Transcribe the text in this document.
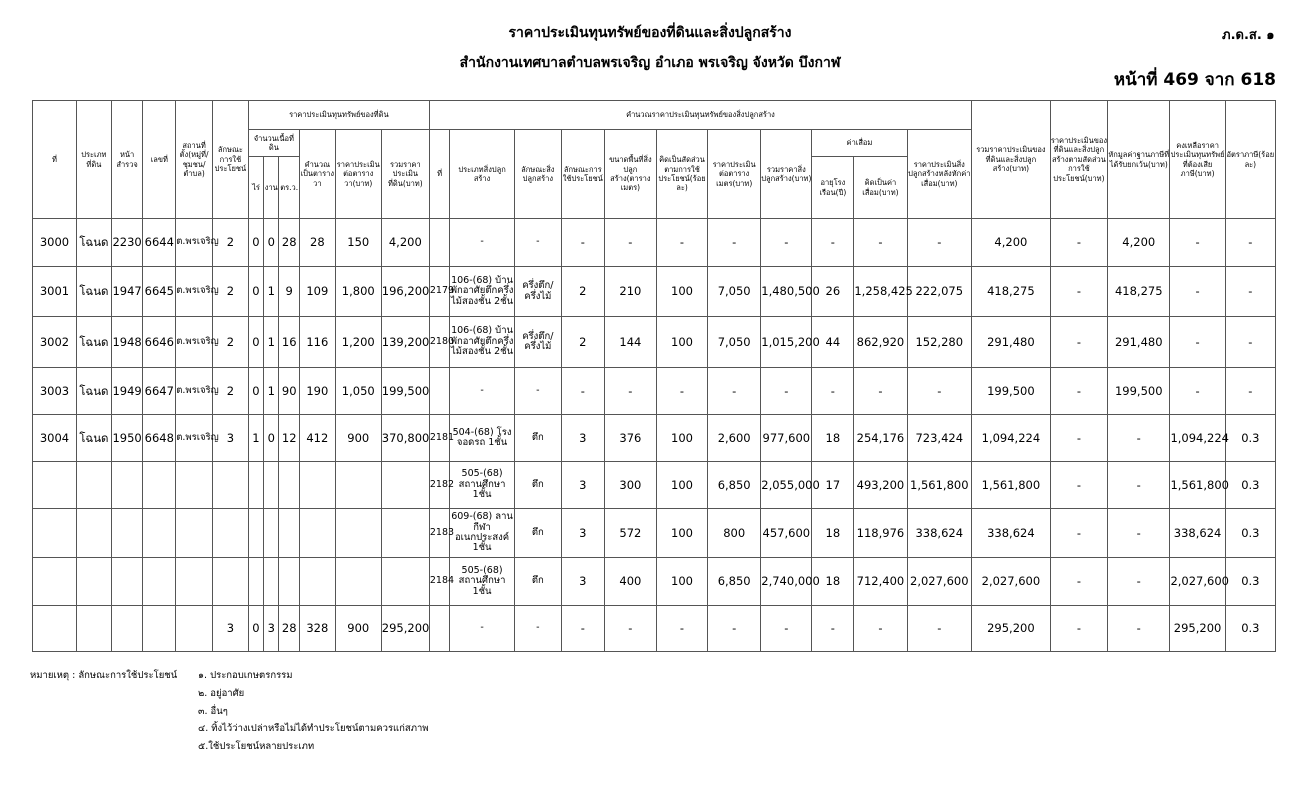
ราคาประเมินทุนทรัพย์ของที่ดินและสิ่งปลูกสร้าง
สำนักงานเทศบาลตำบลพรเจริญ อำเภอ พรเจริญ จังหวัด บึงกาฬ
ภ.ด.ส. ๑
หน้าที่ 469 จาก 618
ที่	ประเภทที่ดิน	หน้าสำรวจ	เลขที่	สถานที่ตั้ง(หมู่ที่/ชุมชน/ตำบล)	ลักษณะการใช้ประโยชน์	ราคาประเมินทุนทรัพย์ของที่ดิน						คำนวณราคาประเมินทุนทรัพย์ของสิ่งปลูกสร้าง											รวมราคาประเมินของที่ดินและสิ่งปลูกสร้าง(บาท)	ราคาประเมินของที่ดินและสิ่งปลูกสร้างตามสัดส่วนการใช้ประโยชน์(บาท)	หักมูลค่าฐานภาษีที่ได้รับยกเว้น(บาท)	คงเหลือราคาประเมินทุนทรัพย์ที่ต้องเสียภาษี(บาท)	อัตราภาษี(ร้อยละ)
						จำนวนเนื้อที่ดิน			คำนวณเป็นตารางวา	ราคาประเมินต่อตารางวา(บาท)	รวมราคาประเมินที่ดิน(บาท)	ที่	ประเภทสิ่งปลูกสร้าง	ลักษณะสิ่งปลูกสร้าง	ลักษณะการใช้ประโยชน์	ขนาดพื้นที่สิ่งปลูกสร้าง(ตารางเมตร)	คิดเป็นสัดส่วนตามการใช้ประโยชน์(ร้อยละ)	ราคาประเมินต่อตารางเมตร(บาท)	รวมราคาสิ่งปลูกสร้าง(บาท)	ค่าเสื่อม		ราคาประเมินสิ่งปลูกสร้างหลังหักค่าเสื่อม(บาท)					
						ไร่	งาน	ตร.ว.												อายุโรงเรือน(ปี)	คิดเป็นค่าเสื่อม(บาท)						
3000	โฉนด	2230	6644	ต.พรเจริญ	2	0	0	28	28	150	4,200		-	-	-	-	-	-	-	-	-	-	4,200	-	4,200	-	-
3001	โฉนด	1947	6645	ต.พรเจริญ	2	0	1	9	109	1,800	196,200	2179	106-(68) บ้านพักอาศัยตึกครึ่งไม้สองชั้น 2ชั้น	ครึ่งตึก/ครึ่งไม้	2	210	100	7,050	1,480,500	26	1,258,425	222,075	418,275	-	418,275	-	-
3002	โฉนด	1948	6646	ต.พรเจริญ	2	0	1	16	116	1,200	139,200	2180	106-(68) บ้านพักอาศัยตึกครึ่งไม้สองชั้น 2ชั้น	ครึ่งตึก/ครึ่งไม้	2	144	100	7,050	1,015,200	44	862,920	152,280	291,480	-	291,480	-	-
3003	โฉนด	1949	6647	ต.พรเจริญ	2	0	1	90	190	1,050	199,500		-	-	-	-	-	-	-	-	-	-	199,500	-	199,500	-	-
3004	โฉนด	1950	6648	ต.พรเจริญ	3	1	0	12	412	900	370,800	2181	504-(68) โรงจอดรถ 1ชั้น	ตึก	3	376	100	2,600	977,600	18	254,176	723,424	1,094,224	-	-	1,094,224	0.3
												2182	505-(68) สถานศึกษา 1ชั้น	ตึก	3	300	100	6,850	2,055,000	17	493,200	1,561,800	1,561,800	-	-	1,561,800	0.3
												2183	609-(68) ลานกีฬาอเนกประสงค์ 1ชั้น	ตึก	3	572	100	800	457,600	18	118,976	338,624	338,624	-	-	338,624	0.3
												2184	505-(68) สถานศึกษา 1ชั้น	ตึก	3	400	100	6,850	2,740,000	18	712,400	2,027,600	2,027,600	-	-	2,027,600	0.3
					3	0	3	28	328	900	295,200		-	-	-	-	-	-	-	-	-	-	295,200	-	-	295,200	0.3
หมายเหตุ : ลักษณะการใช้ประโยชน์ ๑. ประกอบเกษตรกรรม
๒. อยู่อาศัย
๓. อื่นๆ
๔. ทิ้งไว้ว่างเปล่าหรือไม่ได้ทำประโยชน์ตามควรแก่สภาพ
๕.ใช้ประโยชน์หลายประเภท
